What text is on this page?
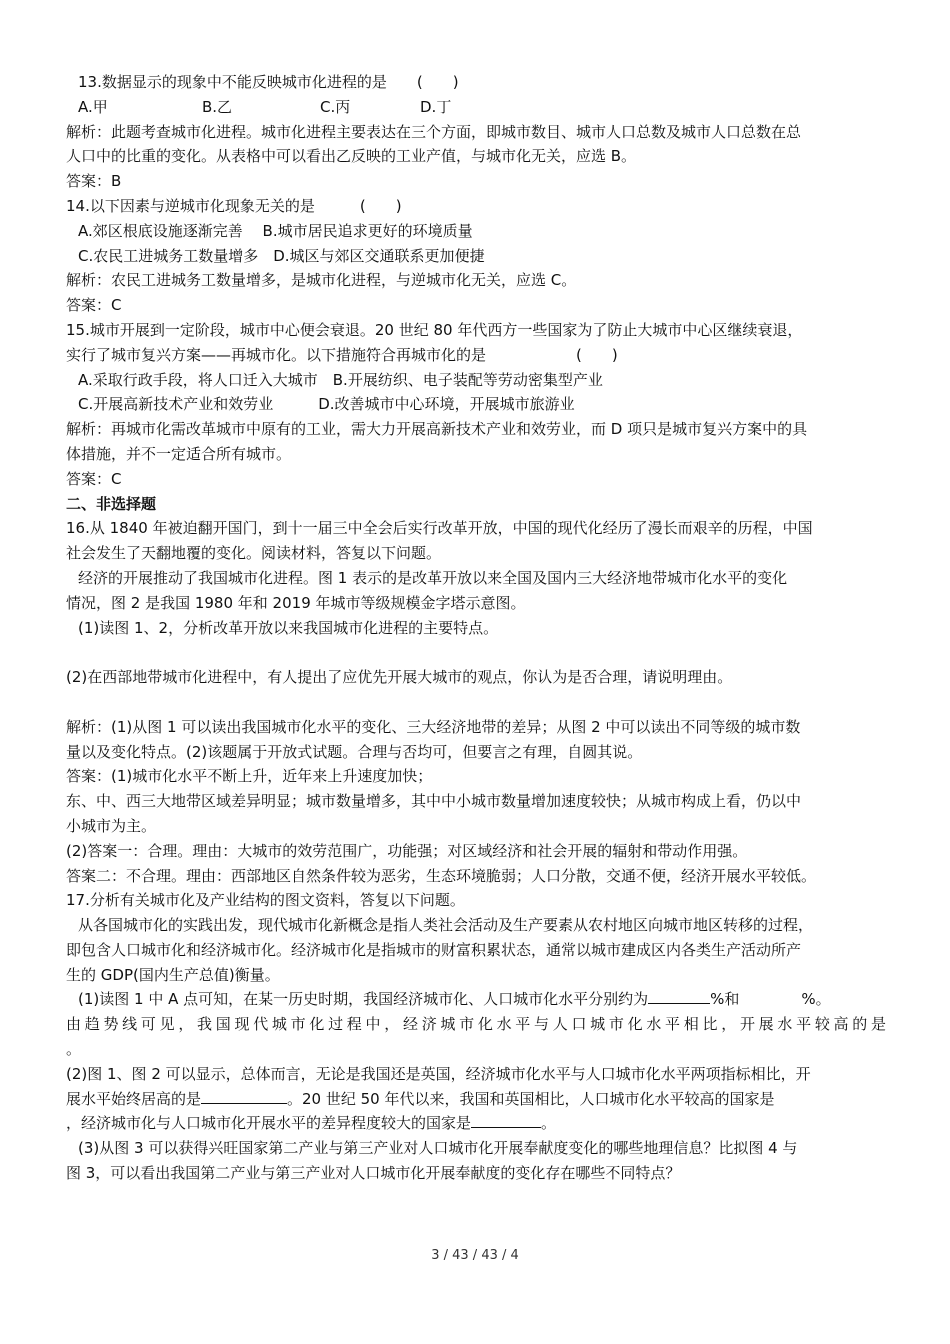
13.数据显示的现象中不能反映城市化进程的是　　(　　)
A.甲	B.乙	C.丙	D.丁
解析：此题考查城市化进程。城市化进程主要表达在三个方面，即城市数目、城市人口总数及城市人口总数在总
人口中的比重的变化。从表格中可以看出乙反映的工业产值，与城市化无关，应选 B。
答案：B
14.以下因素与逆城市化现象无关的是　　　(　　)
A.郊区根底设施逐渐完善　 B.城市居民追求更好的环境质量
C.农民工进城务工数量增多　D.城区与郊区交通联系更加便捷
解析：农民工进城务工数量增多，是城市化进程，与逆城市化无关，应选 C。
答案：C
15.城市开展到一定阶段，城市中心便会衰退。20 世纪 80 年代西方一些国家为了防止大城市中心区继续衰退，
实行了城市复兴方案——再城市化。以下措施符合再城市化的是　　　　　　(　　)
A.采取行政手段，将人口迁入大城市　B.开展纺织、电子装配等劳动密集型产业
C.开展高新技术产业和效劳业　　　D.改善城市中心环境，开展城市旅游业
解析：再城市化需改革城市中原有的工业，需大力开展高新技术产业和效劳业，而 D 项只是城市复兴方案中的具
体措施，并不一定适合所有城市。
答案：C
二、非选择题
16.从 1840 年被迫翻开国门，到十一届三中全会后实行改革开放，中国的现代化经历了漫长而艰辛的历程，中国
社会发生了天翻地覆的变化。阅读材料，答复以下问题。
经济的开展推动了我国城市化进程。图 1 表示的是改革开放以来全国及国内三大经济地带城市化水平的变化
情况，图 2 是我国 1980 年和 2019 年城市等级规模金字塔示意图。
(1)读图 1、2，分析改革开放以来我国城市化进程的主要特点。
(2)在西部地带城市化进程中，有人提出了应优先开展大城市的观点，你认为是否合理，请说明理由。
解析：(1)从图 1 可以读出我国城市化水平的变化、三大经济地带的差异；从图 2 中可以读出不同等级的城市数
量以及变化特点。(2)该题属于开放式试题。合理与否均可，但要言之有理，自圆其说。
答案：(1)城市化水平不断上升，近年来上升速度加快；
东、中、西三大地带区域差异明显；城市数量增多，其中中小城市数量增加速度较快；从城市构成上看，仍以中
小城市为主。
(2)答案一：合理。理由：大城市的效劳范围广，功能强；对区域经济和社会开展的辐射和带动作用强。
答案二：不合理。理由：西部地区自然条件较为恶劣，生态环境脆弱；人口分散，交通不便，经济开展水平较低。
17.分析有关城市化及产业结构的图文资料，答复以下问题。
从各国城市化的实践出发，现代城市化新概念是指人类社会活动及生产要素从农村地区向城市地区转移的过程，
即包含人口城市化和经济城市化。经济城市化是指城市的财富积累状态，通常以城市建成区内各类生产活动所产
生的 GDP(国内生产总值)衡量。
(1)读图 1 中 A 点可知，在某一历史时期，我国经济城市化、人口城市化水平分别约为	%和	%。
由趋势线可见，我国现代城市化过程中，经济城市化水平与人口城市化水平相比，开展水平较高的是
。
(2)图 1、图 2 可以显示，总体而言，无论是我国还是英国，经济城市化水平与人口城市化水平两项指标相比，开
展水平始终居高的是	。20 世纪 50 年代以来，我国和英国相比，人口城市化水平较高的国家是
，经济城市化与人口城市化开展水平的差异程度较大的国家是	。
(3)从图 3 可以获得兴旺国家第二产业与第三产业对人口城市化开展奉献度变化的哪些地理信息？比拟图 4 与
图 3，可以看出我国第二产业与第三产业对人口城市化开展奉献度的变化存在哪些不同特点？
3 / 43 / 43 / 4
